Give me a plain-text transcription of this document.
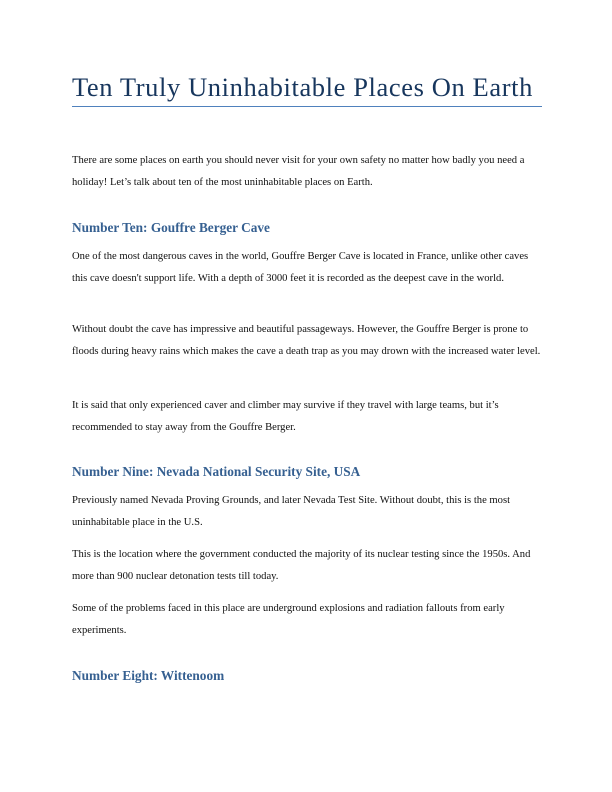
Ten Truly Uninhabitable Places On Earth

There are some places on earth you should never visit for your own safety no matter how badly you need a holiday! Let’s talk about ten of the most uninhabitable places on Earth.

Number Ten: Gouffre Berger Cave

One of the most dangerous caves in the world, Gouffre Berger Cave is located in France, unlike other caves this cave doesn't support life. With a depth of 3000 feet it is recorded as the deepest cave in the world.

Without doubt the cave has impressive and beautiful passageways. However, the Gouffre Berger is prone to floods during heavy rains which makes the cave a death trap as you may drown with the increased water level.

It is said that only experienced caver and climber may survive if they travel with large teams, but it’s recommended to stay away from the Gouffre Berger.

Number Nine: Nevada National Security Site, USA

Previously named Nevada Proving Grounds, and later Nevada Test Site. Without doubt, this is the most uninhabitable place in the U.S.

This is the location where the government conducted the majority of its nuclear testing since the 1950s. And more than 900 nuclear detonation tests till today.

Some of the problems faced in this place are underground explosions and radiation fallouts from early experiments.

Number Eight: Wittenoom
